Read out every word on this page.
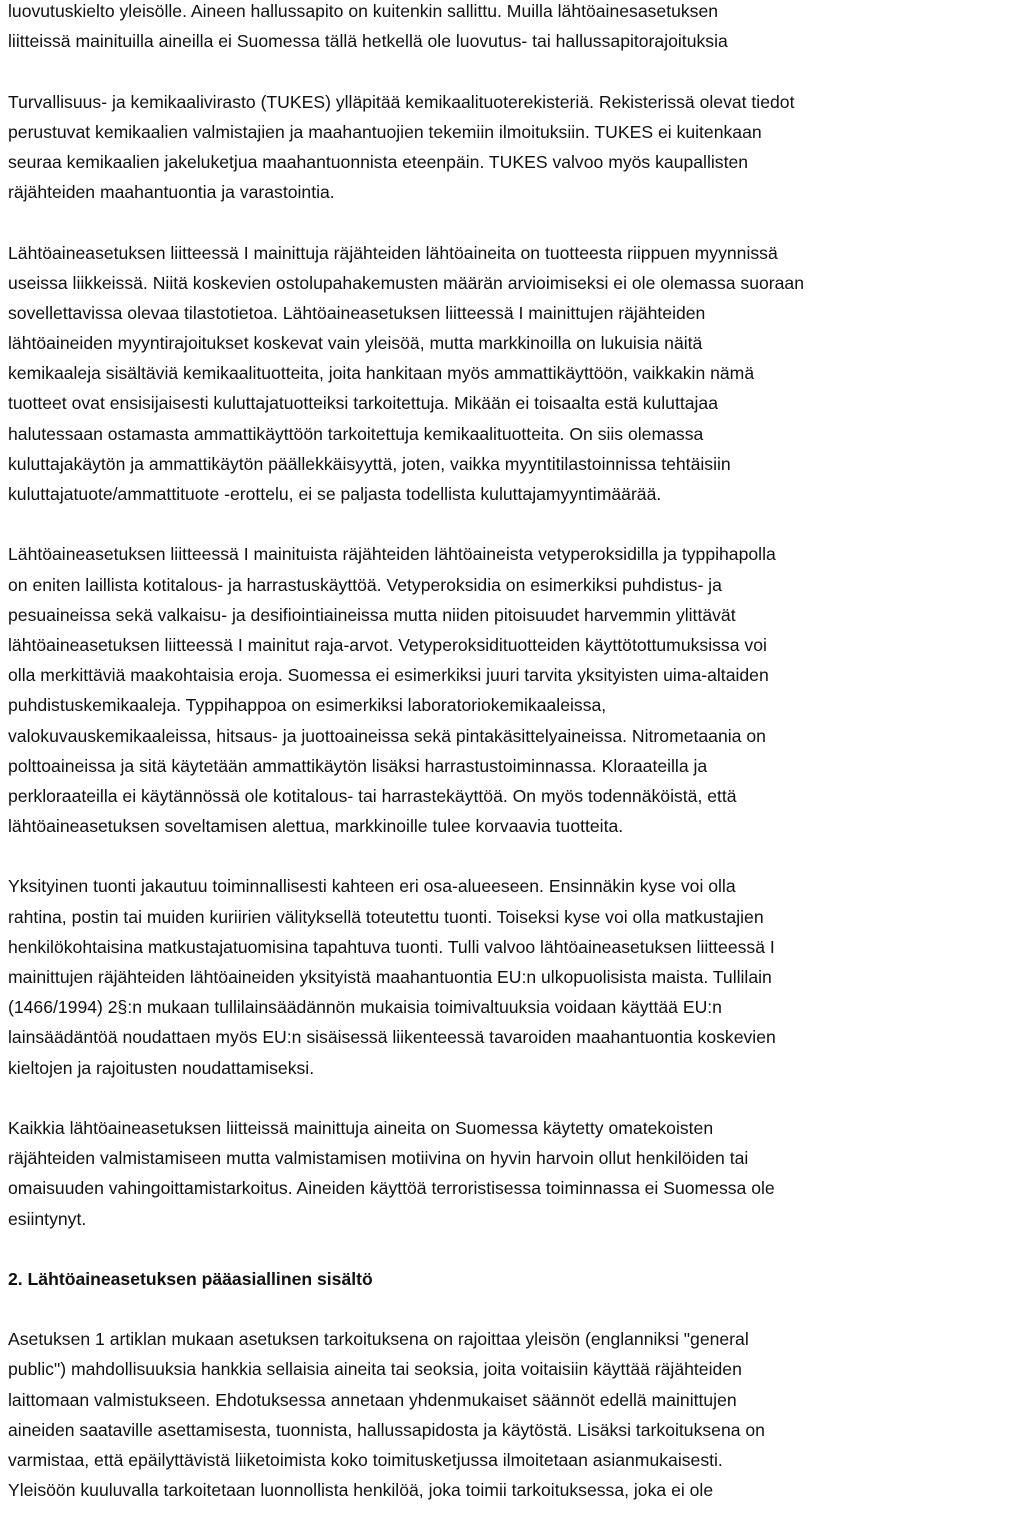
luovutuskielto yleisölle. Aineen hallussapito on kuitenkin sallittu. Muilla lähtöainesasetuksen
liitteissä mainituilla aineilla ei Suomessa tällä hetkellä ole luovutus- tai hallussapitorajoituksia
Turvallisuus- ja kemikaalivirasto (TUKES) ylläpitää kemikaalituoterekisteriä. Rekisterissä olevat tiedot
perustuvat kemikaalien valmistajien ja maahantuojien tekemiin ilmoituksiin. TUKES ei kuitenkaan
seuraa kemikaalien jakeluketjua maahantuonnista eteenpäin. TUKES valvoo myös kaupallisten
räjähteiden maahantuontia ja varastointia.
Lähtöaineasetuksen liitteessä I mainittuja räjähteiden lähtöaineita on tuotteesta riippuen myynnissä
useissa liikkeissä. Niitä koskevien ostolupahakemusten määrän arvioimiseksi ei ole olemassa suoraan
sovellettavissa olevaa tilastotietoa. Lähtöaineasetuksen liitteessä I mainittujen räjähteiden
lähtöaineiden myyntirajoitukset koskevat vain yleisöä, mutta markkinoilla on lukuisia näitä
kemikaaleja sisältäviä kemikaalituotteita, joita hankitaan myös ammattikäyttöön, vaikkakin nämä
tuotteet ovat ensisijaisesti kuluttajatuotteiksi tarkoitettuja. Mikään ei toisaalta estä kuluttajaa
halutessaan ostamasta ammattikäyttöön tarkoitettuja kemikaalituotteita. On siis olemassa
kuluttajakäytön ja ammattikäytön päällekkäisyyttä, joten, vaikka myyntitilastoinnissa tehtäisiin
kuluttajatuote/ammattituote -erottelu, ei se paljasta todellista kuluttajamyyntimäärää.
Lähtöaineasetuksen liitteessä I mainituista räjähteiden lähtöaineista vetyperoksidilla ja typpihapolla
on eniten laillista kotitalous- ja harrastuskäyttöä. Vetyperoksidia on esimerkiksi puhdistus- ja
pesuaineissa sekä valkaisu- ja desifiointiaineissa mutta niiden pitoisuudet harvemmin ylittävät
lähtöaineasetuksen liitteessä I mainitut raja-arvot. Vetyperoksidituotteiden käyttötottumuksissa voi
olla merkittäviä maakohtaisia eroja. Suomessa ei esimerkiksi juuri tarvita yksityisten uima-altaiden
puhdistuskemikaaleja. Typpihappoa on esimerkiksi laboratoriokemikaaleissa,
valokuvauskemikaaleissa, hitsaus- ja juottoaineissa sekä pintakäsittelyaineissa. Nitrometaania on
polttoaineissa ja sitä käytetään ammattikäytön lisäksi harrastustoiminnassa. Kloraateilla ja
perkloraateilla ei käytännössä ole kotitalous- tai harrastekäyttöä. On myös todennäköistä, että
lähtöaineasetuksen soveltamisen alettua, markkinoille tulee korvaavia tuotteita.
Yksityinen tuonti jakautuu toiminnallisesti kahteen eri osa-alueeseen. Ensinnäkin kyse voi olla
rahtina, postin tai muiden kuriirien välityksellä toteutettu tuonti. Toiseksi kyse voi olla matkustajien
henkilökohtaisina matkustajatuomisina tapahtuva tuonti. Tulli valvoo lähtöaineasetuksen liitteessä I
mainittujen räjähteiden lähtöaineiden yksityistä maahantuontia EU:n ulkopuolisista maista. Tullilain
(1466/1994) 2§:n mukaan tullilainsäädännön mukaisia toimivaltuuksia voidaan käyttää EU:n
lainsäädäntöä noudattaen myös EU:n sisäisessä liikenteessä tavaroiden maahantuontia koskevien
kieltojen ja rajoitusten noudattamiseksi.
Kaikkia lähtöaineasetuksen liitteissä mainittuja aineita on Suomessa käytetty omatekoisten
räjähteiden valmistamiseen mutta valmistamisen motiivina on hyvin harvoin ollut henkilöiden tai
omaisuuden vahingoittamistarkoitus. Aineiden käyttöä terroristisessa toiminnassa ei Suomessa ole
esiintynyt.
2. Lähtöaineasetuksen pääasiallinen sisältö
Asetuksen 1 artiklan mukaan asetuksen tarkoituksena on rajoittaa yleisön (englanniksi "general
public") mahdollisuuksia hankkia sellaisia aineita tai seoksia, joita voitaisiin käyttää räjähteiden
laittomaan valmistukseen. Ehdotuksessa annetaan yhdenmukaiset säännöt edellä mainittujen
aineiden saataville asettamisesta, tuonnista, hallussapidosta ja käytöstä. Lisäksi tarkoituksena on
varmistaa, että epäilyttävistä liiketoimista koko toimitusketjussa ilmoitetaan asianmukaisesti.
Yleisöön kuuluvalla tarkoitetaan luonnollista henkilöä, joka toimii tarkoituksessa, joka ei ole
